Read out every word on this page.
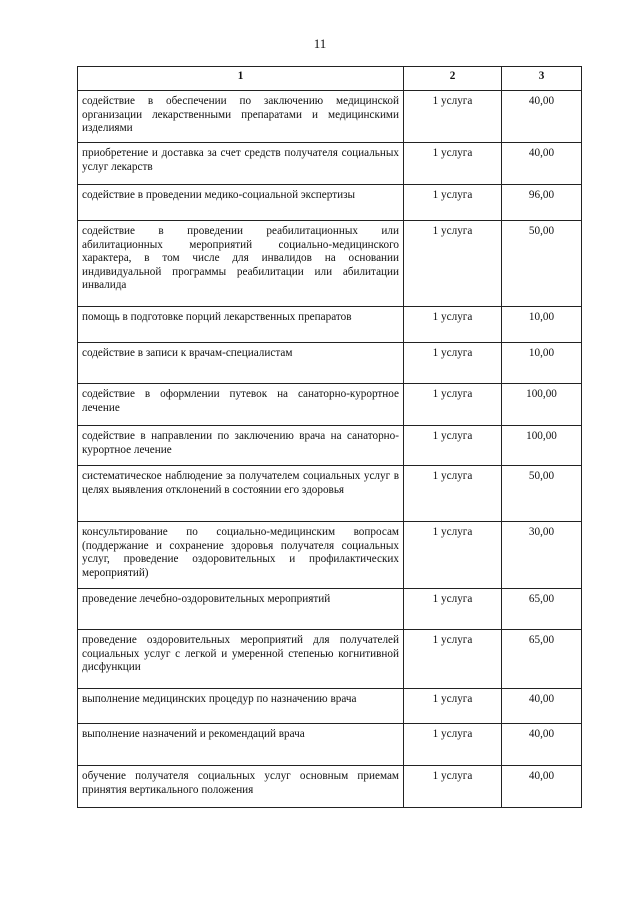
11
1	2	3
содействие в обеспечении по заключению медицинской организации лекарственными препаратами и медицинскими изделиями	1 услуга	40,00
приобретение и доставка за счет средств получателя социальных услуг лекарств	1 услуга	40,00
содействие в проведении медико-социальной экспертизы	1 услуга	96,00
содействие в проведении реабилитационных или абилитационных мероприятий социально-медицинского характера, в том числе для инвалидов на основании индивидуальной программы реабилитации или абилитации инвалида	1 услуга	50,00
помощь в подготовке порций лекарственных препаратов	1 услуга	10,00
содействие в записи к врачам-специалистам	1 услуга	10,00
содействие в оформлении путевок на санаторно-курортное лечение	1 услуга	100,00
содействие в направлении по заключению врача на санаторно-курортное лечение	1 услуга	100,00
систематическое наблюдение за получателем социальных услуг в целях выявления отклонений в состоянии его здоровья	1 услуга	50,00
консультирование по социально-медицинским вопросам (поддержание и сохранение здоровья получателя социальных услуг, проведение оздоровительных и профилактических мероприятий)	1 услуга	30,00
проведение лечебно-оздоровительных мероприятий	1 услуга	65,00
проведение оздоровительных мероприятий для получателей социальных услуг с легкой и умеренной степенью когнитивной дисфункции	1 услуга	65,00
выполнение медицинских процедур по назначению врача	1 услуга	40,00
выполнение назначений и рекомендаций врача	1 услуга	40,00
обучение получателя социальных услуг основным приемам принятия вертикального положения	1 услуга	40,00
